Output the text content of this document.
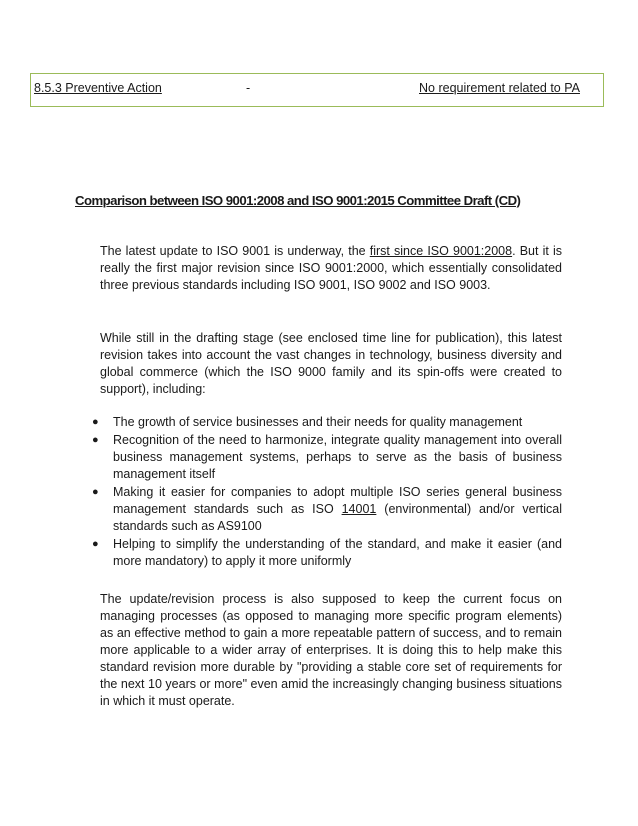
8.5.3 Preventive Action	-	No requirement related to PA
Comparison between ISO 9001:2008 and ISO 9001:2015 Committee Draft (CD)

The latest update to ISO 9001 is underway, the first since ISO 9001:2008. But it is really the first major revision since ISO 9001:2000, which essentially consolidated three previous standards including ISO 9001, ISO 9002 and ISO 9003.

While still in the drafting stage (see enclosed time line for publication), this latest revision takes into account the vast changes in technology, business diversity and global commerce (which the ISO 9000 family and its spin-offs were created to support), including:

● The growth of service businesses and their needs for quality management
● Recognition of the need to harmonize, integrate quality management into overall business management systems, perhaps to serve as the basis of business management itself
● Making it easier for companies to adopt multiple ISO series general business management standards such as ISO 14001 (environmental) and/or vertical standards such as AS9100
● Helping to simplify the understanding of the standard, and make it easier (and more mandatory) to apply it more uniformly

The update/revision process is also supposed to keep the current focus on managing processes (as opposed to managing more specific program elements) as an effective method to gain a more repeatable pattern of success, and to remain more applicable to a wider array of enterprises. It is doing this to help make this standard revision more durable by "providing a stable core set of requirements for the next 10 years or more" even amid the increasingly changing business situations in which it must operate.
